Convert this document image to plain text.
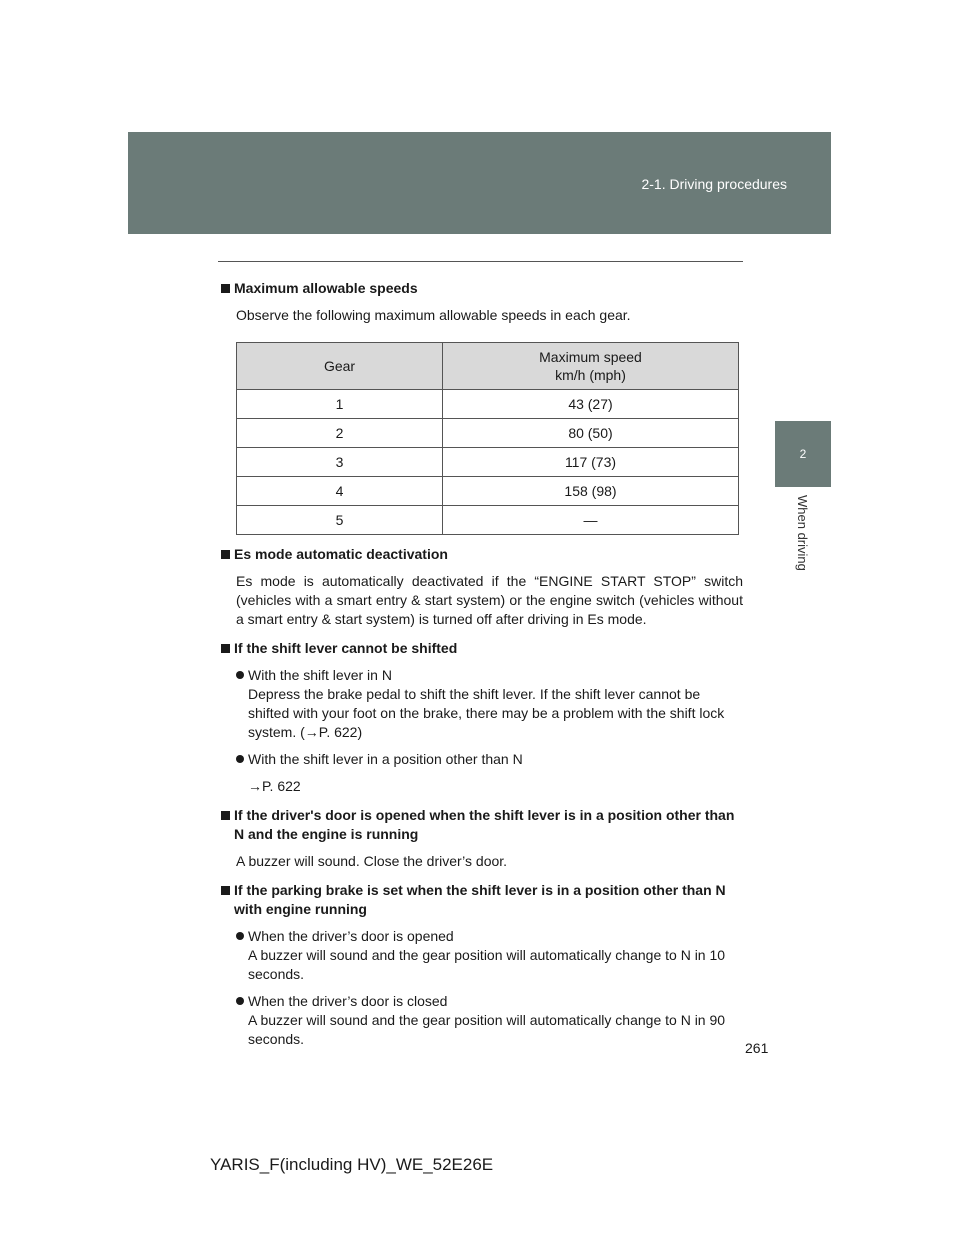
2-1. Driving procedures
2
When driving

Maximum allowable speeds

Observe the following maximum allowable speeds in each gear.

Gear	Maximum speed
km/h (mph)

1	43 (27)
2	80 (50)
3	117 (73)
4	158 (98)
5	—

Es mode automatic deactivation

Es mode is automatically deactivated if the “ENGINE START STOP” switch (vehicles with a smart entry & start system) or the engine switch (vehicles without a smart entry & start system) is turned off after driving in Es mode.

If the shift lever cannot be shifted

With the shift lever in N
Depress the brake pedal to shift the shift lever. If the shift lever cannot be shifted with your foot on the brake, there may be a problem with the shift lock system. (→P. 622)
With the shift lever in a position other than N

→P. 622

If the driver's door is opened when the shift lever is in a position other than N and the engine is running

A buzzer will sound. Close the driver’s door.

If the parking brake is set when the shift lever is in a position other than N with engine running

When the driver’s door is opened
A buzzer will sound and the gear position will automatically change to N in 10 seconds.
When the driver’s door is closed
A buzzer will sound and the gear position will automatically change to N in 90 seconds.
261
YARIS_F(including HV)_WE_52E26E
